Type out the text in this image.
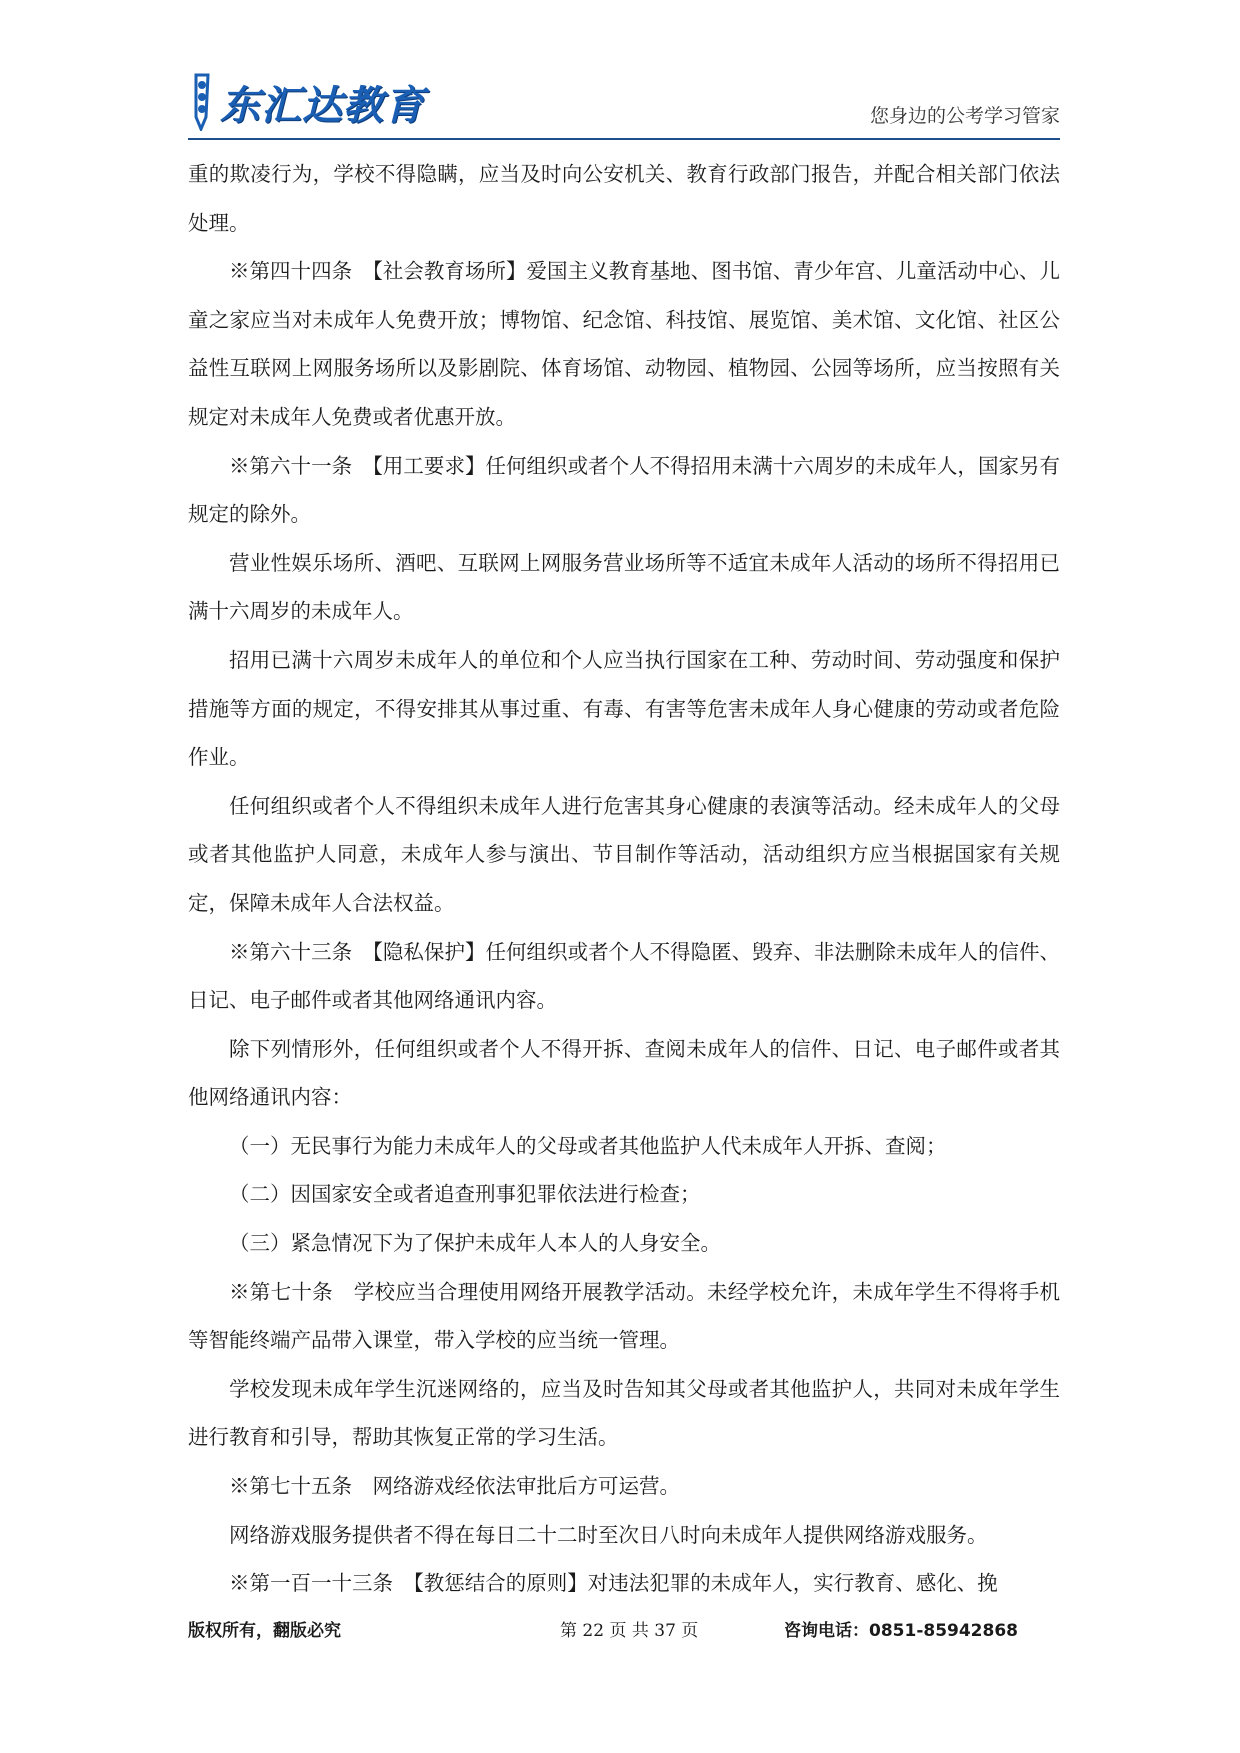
东汇达教育	您身边的公考学习管家

重的欺凌行为，学校不得隐瞒，应当及时向公安机关、教育行政部门报告，并配合相关部门依法处理。

※第四十四条　【社会教育场所】爱国主义教育基地、图书馆、青少年宫、儿童活动中心、儿童之家应当对未成年人免费开放；博物馆、纪念馆、科技馆、展览馆、美术馆、文化馆、社区公益性互联网上网服务场所以及影剧院、体育场馆、动物园、植物园、公园等场所，应当按照有关规定对未成年人免费或者优惠开放。

※第六十一条　【用工要求】任何组织或者个人不得招用未满十六周岁的未成年人，国家另有规定的除外。

营业性娱乐场所、酒吧、互联网上网服务营业场所等不适宜未成年人活动的场所不得招用已满十六周岁的未成年人。

招用已满十六周岁未成年人的单位和个人应当执行国家在工种、劳动时间、劳动强度和保护措施等方面的规定，不得安排其从事过重、有毒、有害等危害未成年人身心健康的劳动或者危险作业。

任何组织或者个人不得组织未成年人进行危害其身心健康的表演等活动。经未成年人的父母或者其他监护人同意，未成年人参与演出、节目制作等活动，活动组织方应当根据国家有关规定，保障未成年人合法权益。

※第六十三条　【隐私保护】任何组织或者个人不得隐匿、毁弃、非法删除未成年人的信件、日记、电子邮件或者其他网络通讯内容。

除下列情形外，任何组织或者个人不得开拆、查阅未成年人的信件、日记、电子邮件或者其他网络通讯内容：

（一）无民事行为能力未成年人的父母或者其他监护人代未成年人开拆、查阅；

（二）因国家安全或者追查刑事犯罪依法进行检查；

（三）紧急情况下为了保护未成年人本人的人身安全。

※第七十条　学校应当合理使用网络开展教学活动。未经学校允许，未成年学生不得将手机等智能终端产品带入课堂，带入学校的应当统一管理。

学校发现未成年学生沉迷网络的，应当及时告知其父母或者其他监护人，共同对未成年学生进行教育和引导，帮助其恢复正常的学习生活。

※第七十五条　网络游戏经依法审批后方可运营。

网络游戏服务提供者不得在每日二十二时至次日八时向未成年人提供网络游戏服务。

※第一百一十三条　【教惩结合的原则】对违法犯罪的未成年人，实行教育、感化、挽

版权所有，翻版必究	第 22 页 共 37 页	咨询电话：0851-85942868
